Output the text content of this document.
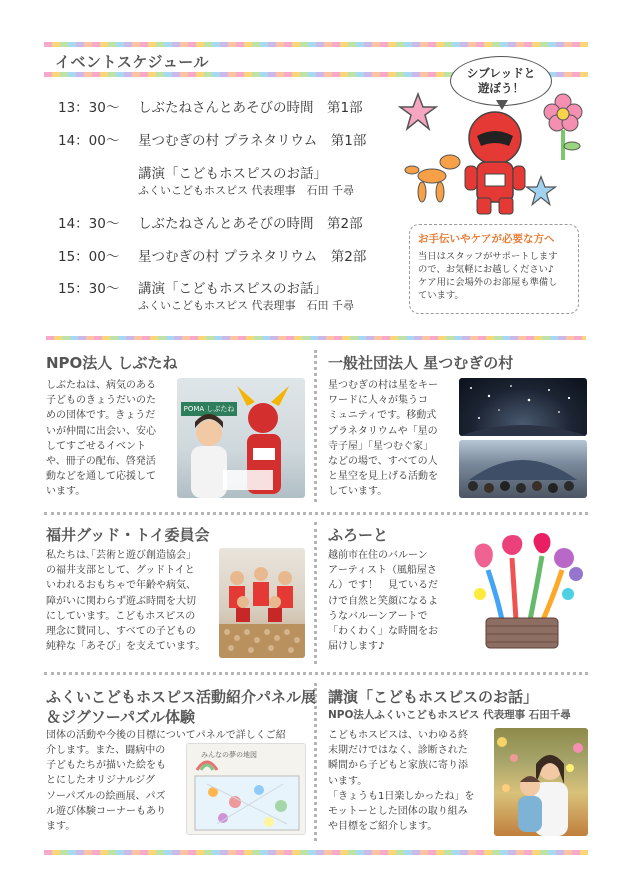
イベントスケジュール
13：30〜 しぶたねさんとあそびの時間　第1部
14：00〜 星つむぎの村 プラネタリウム　第1部
講演「こどもホスピスのお話」
ふくいこどもホスピス 代表理事　石田 千尋
14：30〜 しぶたねさんとあそびの時間　第2部
15：00〜 星つむぎの村 プラネタリウム　第2部
15：30〜 講演「こどもホスピスのお話」
ふくいこどもホスピス 代表理事　石田 千尋
シブレッドと
遊ぼう！
お手伝いやケアが必要な方へ
当日はスタッフがサポートします
ので、お気軽にお越しください♪
ケア用に会場外のお部屋も準備し
ています。
NPO法人 しぶたね
しぶたねは、病気のある
子どものきょうだいのた
めの団体です。きょうだ
いが仲間に出会い、安心
してすごせるイベント
や、冊子の配布、啓発活
動などを通して応援して
います。
POMA しぶたね
一般社団法人 星つむぎの村
星つむぎの村は星をキー
ワードに人々が集うコ
ミュニティです。移動式
プラネタリウムや「星の
寺子屋」「星つむぐ家」
などの場で、すべての人
と星空を見上げる活動を
しています。
福井グッド・トイ委員会
私たちは､｢芸術と遊び創造協会｣
の福井支部として、グッドトイと
いわれるおもちゃで年齢や病気、
障がいに関わらず遊ぶ時間を大切
にしています。こどもホスピスの
理念に賛同し、すべての子どもの
純粋な「あそび」を支えています。
ふろーと
越前市在住のバルーン
アーティスト（風船屋さ
ん）です！　見ているだ
けで自然と笑顔になるよ
うなバルーンアートで
「わくわく」な時間をお
届けします♪
ふくいこどもホスピス活動紹介パネル展
＆ジグソーパズル体験
団体の活動や今後の目標についてパネルで詳しくご紹
介します。また、闘病中の
子どもたちが描いた絵をも
とにしたオリジナルジグ
ソーパズルの絵画展、パズ
ル遊び体験コーナーもあり
ます。
みんなの夢の地図
講演「こどもホスピスのお話」
NPO法人ふくいこどもホスピス 代表理事 石田千尋
こどもホスピスは、いわゆる終
末期だけではなく、診断された
瞬間から子どもと家族に寄り添
います。
「きょうも1日楽しかったね」を
モットーとした団体の取り組み
や目標をご紹介します。
